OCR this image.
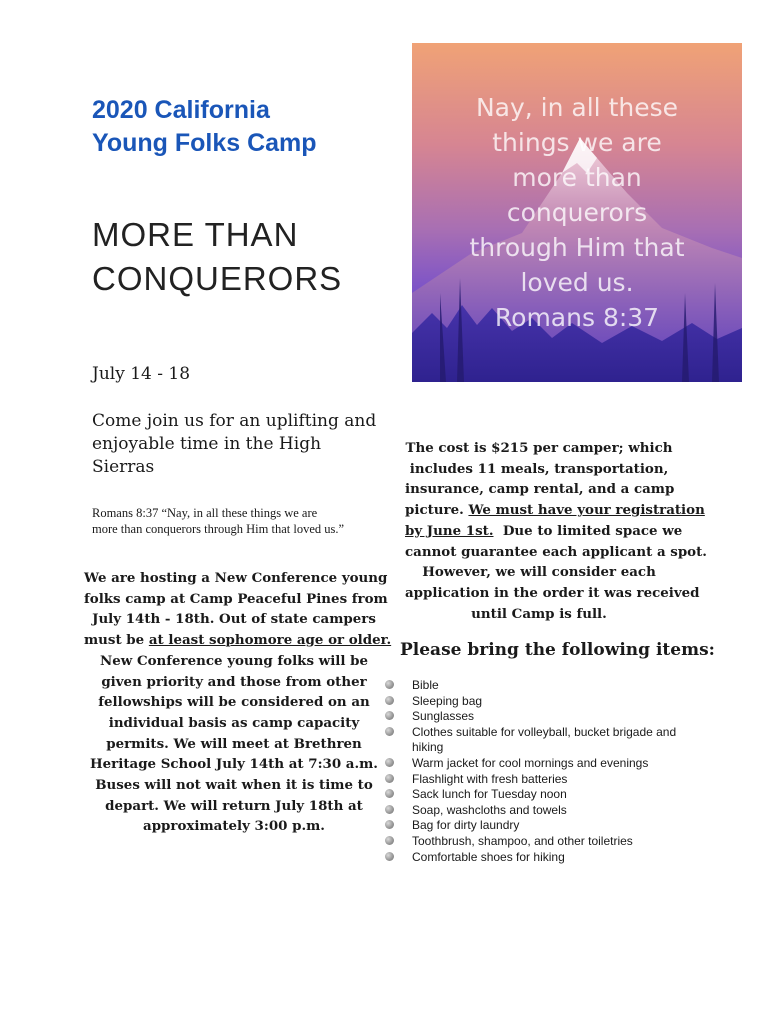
2020 California
Young Folks Camp
MORE THAN
CONQUERORS
Nay, in all these
things we are
more than
conquerors
through Him that
loved us.
Romans 8:37
July 14 - 18
Come join us for an uplifting and
enjoyable time in the High
Sierras
Romans 8:37 “Nay, in all these things we are
more than conquerors through Him that loved us.”
We are hosting a New Conference young
folks camp at Camp Peaceful Pines from
July 14th - 18th. Out of state campers
must be at least sophomore age or older.
New Conference young folks will be
given priority and those from other
fellowships will be considered on an
individual basis as camp capacity
permits. We will meet at Brethren
Heritage School July 14th at 7:30 a.m.
Buses will not wait when it is time to
depart. We will return July 18th at
approximately 3:00 p.m.
The cost is $215 per camper; which
includes 11 meals, transportation,
insurance, camp rental, and a camp
picture. We must have your registration
by June 1st.  Due to limited space we
cannot guarantee each applicant a spot.
However, we will consider each
application in the order it was received
until Camp is full.
Please bring the following items:
Bible
Sleeping bag
Sunglasses
Clothes suitable for volleyball, bucket brigade and hiking
Warm jacket for cool mornings and evenings
Flashlight with fresh batteries
Sack lunch for Tuesday noon
Soap, washcloths and towels
Bag for dirty laundry
Toothbrush, shampoo, and other toiletries
Comfortable shoes for hiking
